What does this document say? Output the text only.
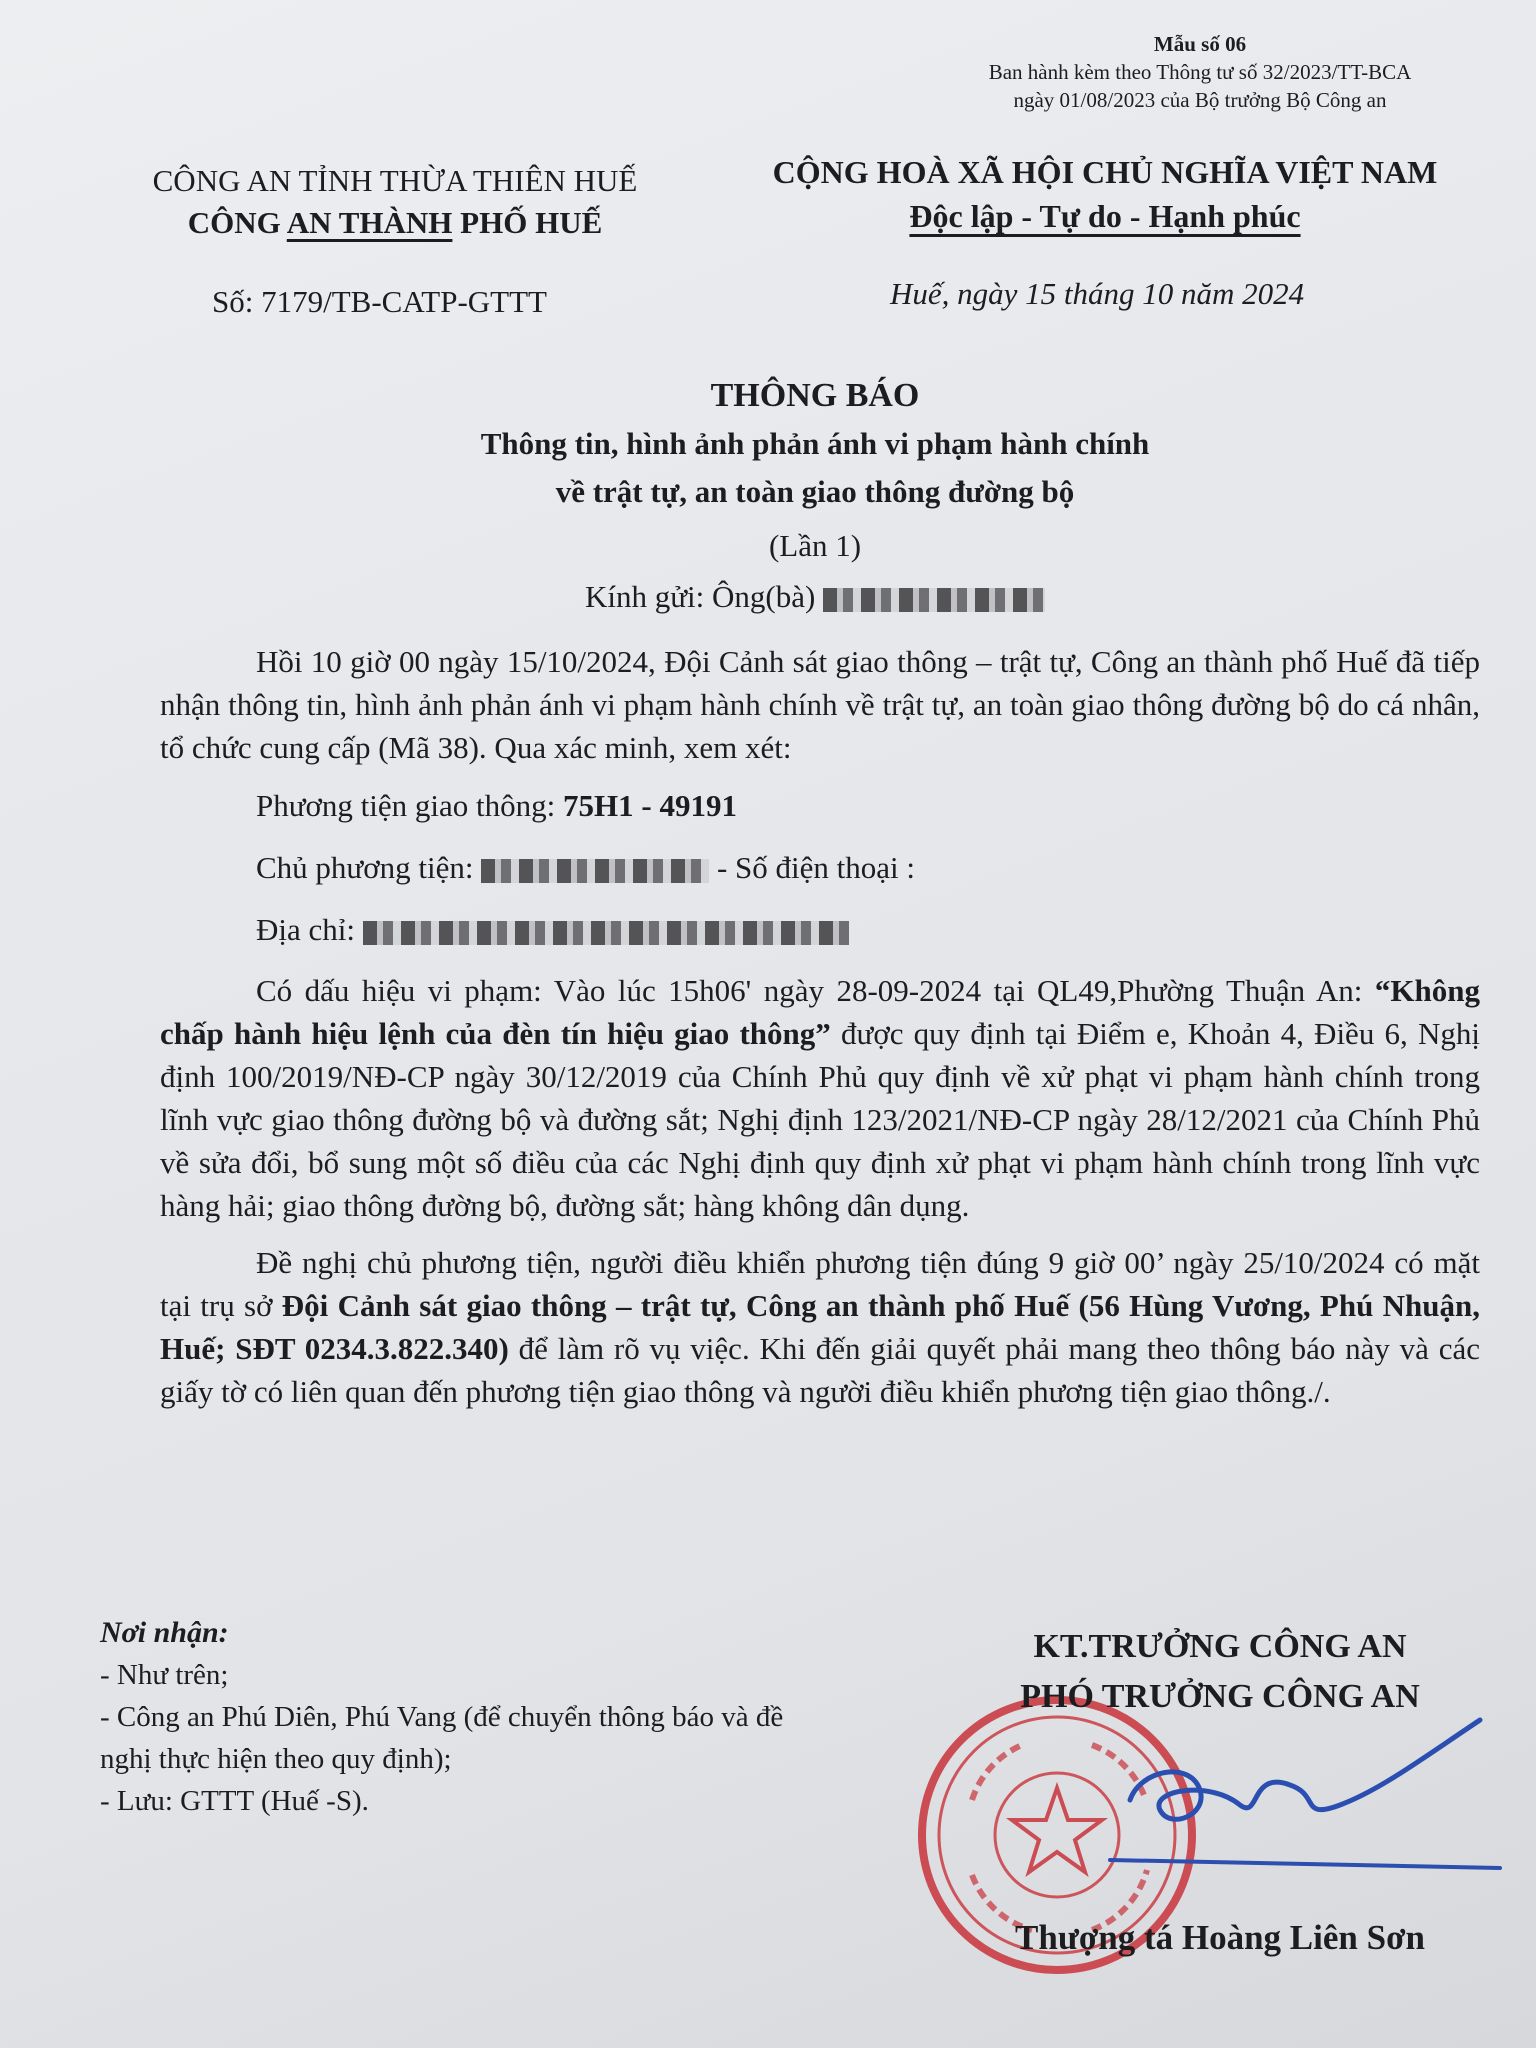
Mẫu số 06
Ban hành kèm theo Thông tư số 32/2023/TT-BCA
ngày 01/08/2023 của Bộ trưởng Bộ Công an
CÔNG AN TỈNH THỪA THIÊN HUẾ
CÔNG AN THÀNH PHỐ HUẾ
CỘNG HOÀ XÃ HỘI CHỦ NGHĨA VIỆT NAM
Độc lập - Tự do - Hạnh phúc
Số: 7179/TB-CATP-GTTT	Huế, ngày 15 tháng 10 năm 2024
THÔNG BÁO
Thông tin, hình ảnh phản ánh vi phạm hành chính
về trật tự, an toàn giao thông đường bộ
(Lần 1)
Kính gửi: Ông(bà)

Hồi 10 giờ 00 ngày 15/10/2024, Đội Cảnh sát giao thông – trật tự, Công an thành phố Huế đã tiếp nhận thông tin, hình ảnh phản ánh vi phạm hành chính về trật tự, an toàn giao thông đường bộ do cá nhân, tổ chức cung cấp (Mã 38). Qua xác minh, xem xét:

Phương tiện giao thông: 75H1 - 49191

Chủ phương tiện:	- Số điện thoại :

Địa chỉ:

Có dấu hiệu vi phạm: Vào lúc 15h06' ngày 28-09-2024 tại QL49,Phường Thuận An: “Không chấp hành hiệu lệnh của đèn tín hiệu giao thông” được quy định tại Điểm e, Khoản 4, Điều 6, Nghị định 100/2019/NĐ-CP ngày 30/12/2019 của Chính Phủ quy định về xử phạt vi phạm hành chính trong lĩnh vực giao thông đường bộ và đường sắt; Nghị định 123/2021/NĐ-CP ngày 28/12/2021 của Chính Phủ về sửa đổi, bổ sung một số điều của các Nghị định quy định xử phạt vi phạm hành chính trong lĩnh vực hàng hải; giao thông đường bộ, đường sắt; hàng không dân dụng.

Đề nghị chủ phương tiện, người điều khiển phương tiện đúng 9 giờ 00’ ngày 25/10/2024 có mặt tại trụ sở Đội Cảnh sát giao thông – trật tự, Công an thành phố Huế (56 Hùng Vương, Phú Nhuận, Huế; SĐT 0234.3.822.340) để làm rõ vụ việc. Khi đến giải quyết phải mang theo thông báo này và các giấy tờ có liên quan đến phương tiện giao thông và người điều khiển phương tiện giao thông./.

Nơi nhận:
- Như trên;
- Công an Phú Diên, Phú Vang (để chuyển thông báo và đề nghị thực hiện theo quy định);
- Lưu: GTTT (Huế -S).
KT.TRƯỞNG CÔNG AN
PHÓ TRƯỞNG CÔNG AN
Thượng tá Hoàng Liên Sơn
